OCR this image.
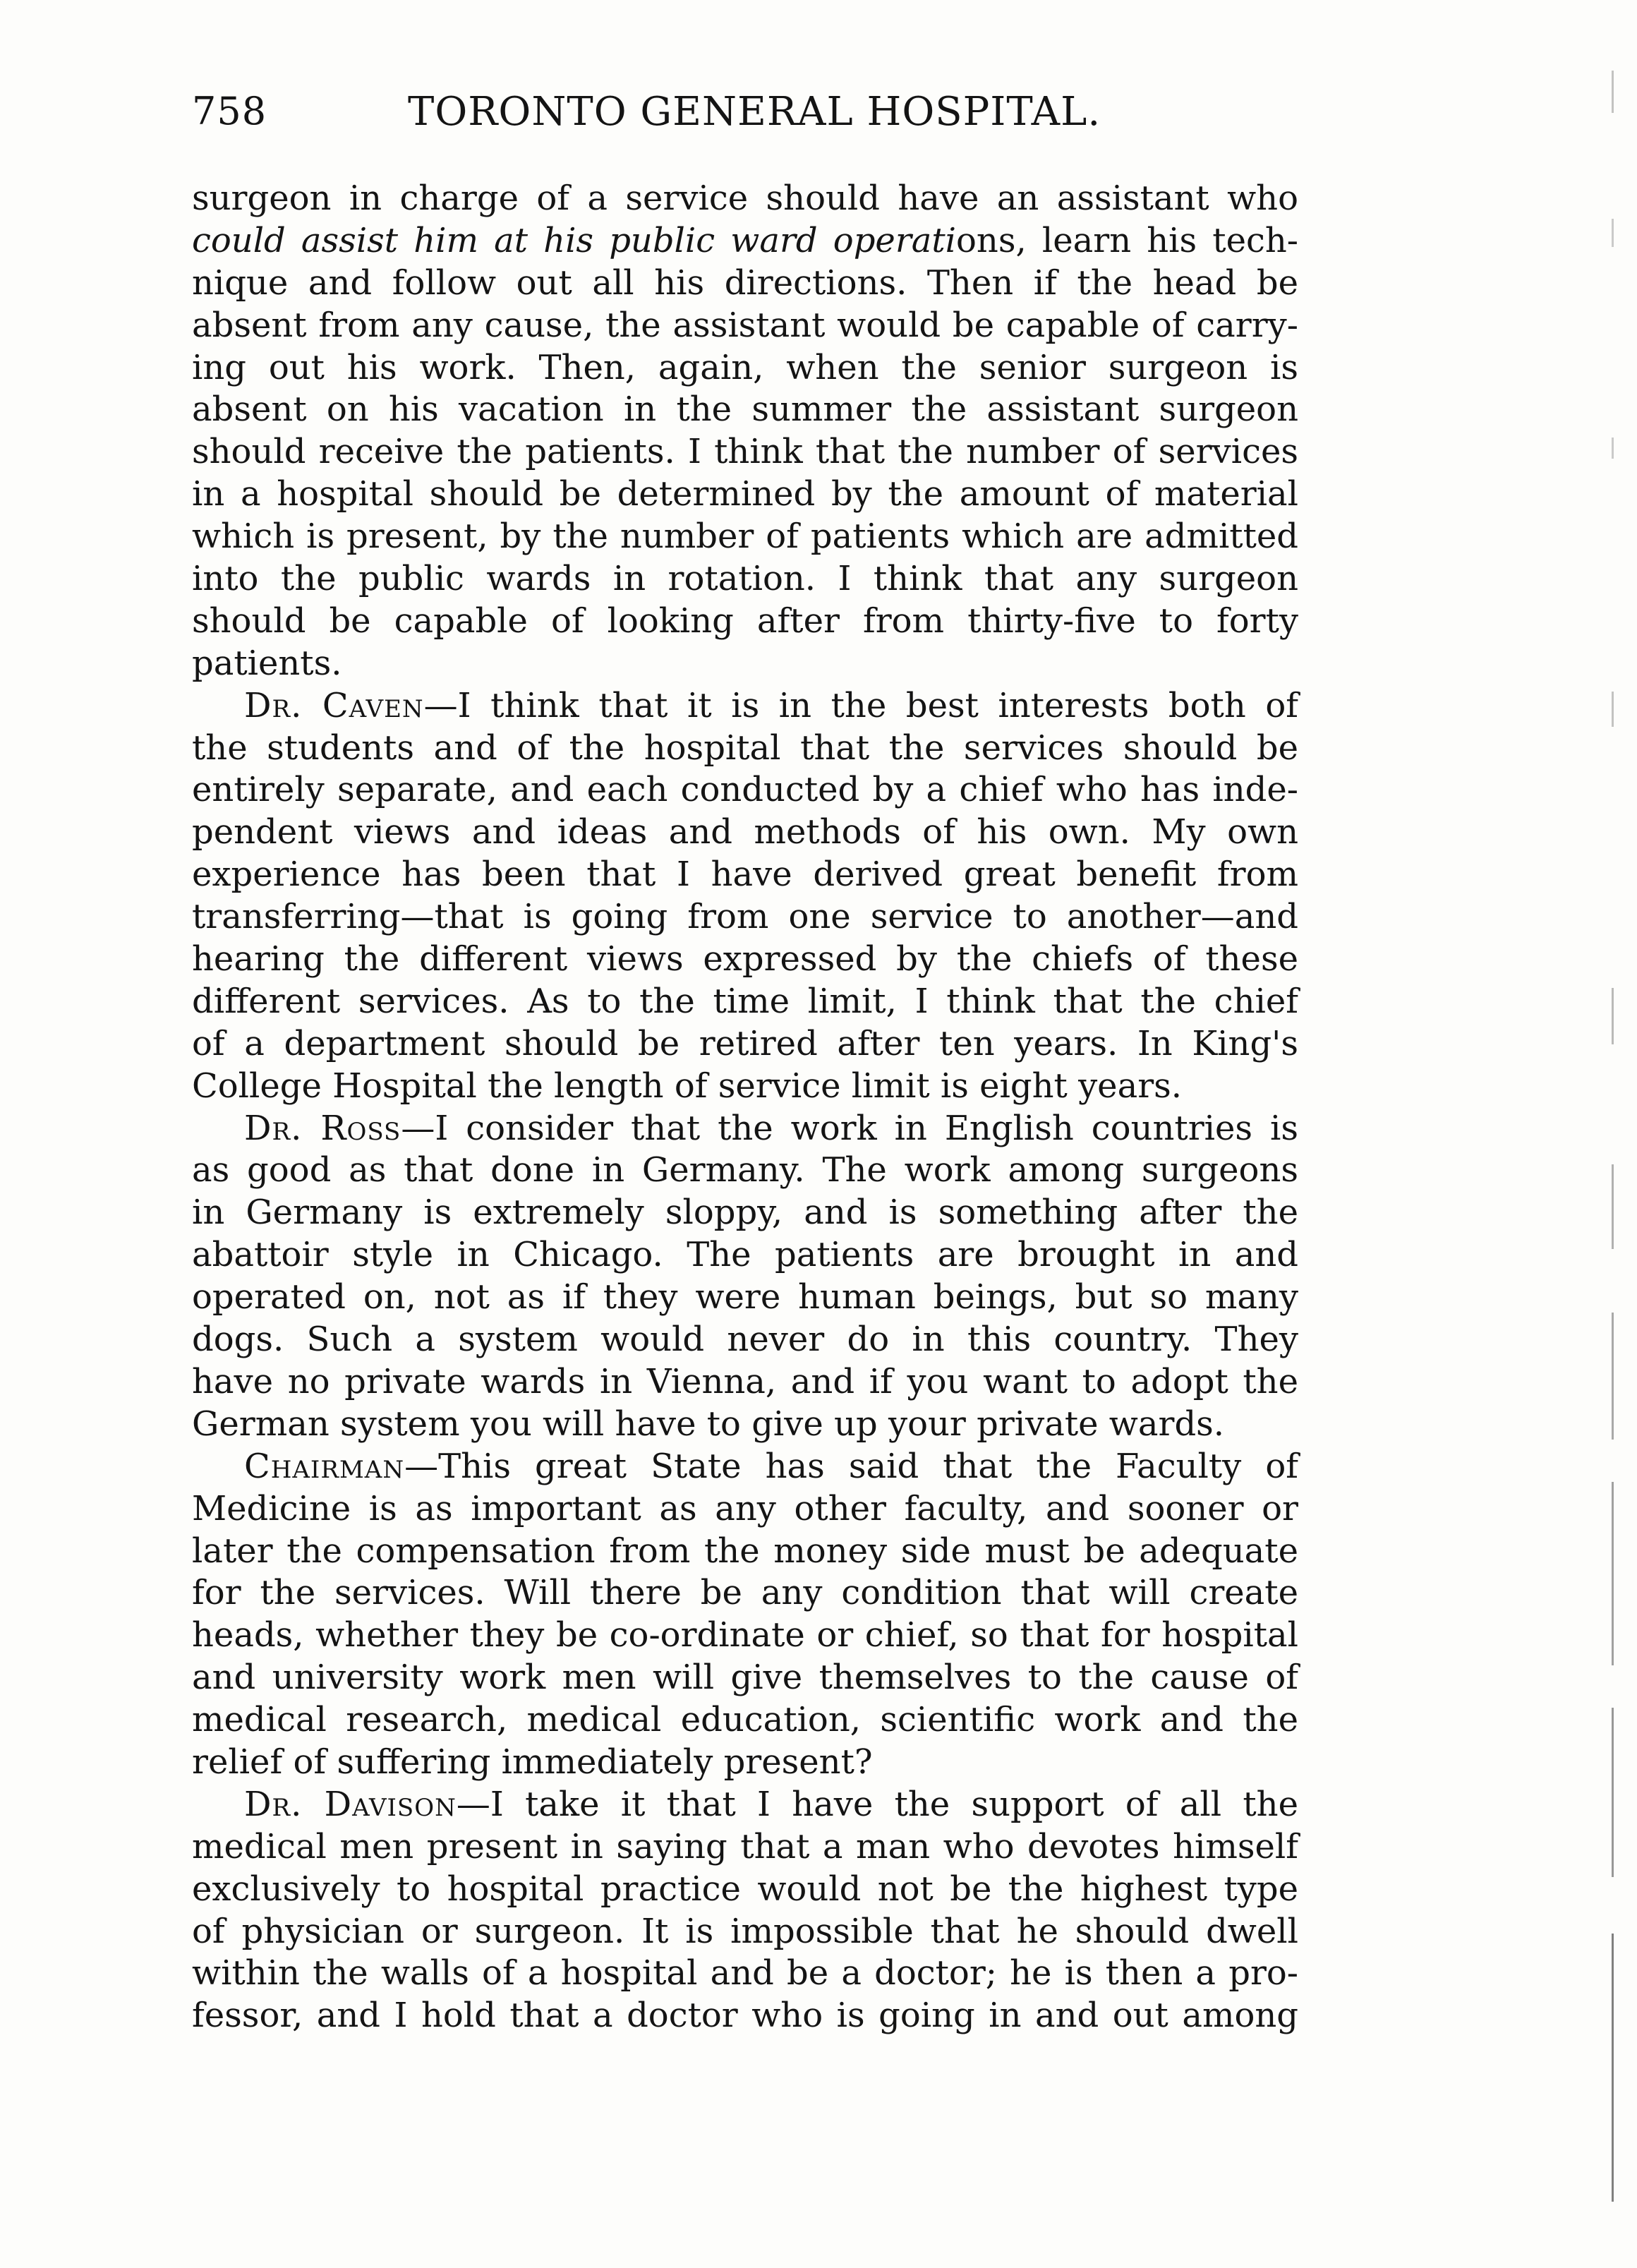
758	TORONTO GENERAL HOSPITAL.
surgeon in charge of a service should have an assistant who
could assist him at his public ward operations, learn his tech-
nique and follow out all his directions. Then if the head be
absent from any cause, the assistant would be capable of carry-
ing out his work. Then, again, when the senior surgeon is
absent on his vacation in the summer the assistant surgeon
should receive the patients. I think that the number of services
in a hospital should be determined by the amount of material
which is present, by the number of patients which are admitted
into the public wards in rotation. I think that any surgeon
should be capable of looking after from thirty-five to forty
patients.
Dr. Caven—I think that it is in the best interests both of
the students and of the hospital that the services should be
entirely separate, and each conducted by a chief who has inde-
pendent views and ideas and methods of his own. My own
experience has been that I have derived great benefit from
transferring—that is going from one service to another—and
hearing the different views expressed by the chiefs of these
different services. As to the time limit, I think that the chief
of a department should be retired after ten years. In King's
College Hospital the length of service limit is eight years.
Dr. Ross—I consider that the work in English countries is
as good as that done in Germany. The work among surgeons
in Germany is extremely sloppy, and is something after the
abattoir style in Chicago. The patients are brought in and
operated on, not as if they were human beings, but so many
dogs. Such a system would never do in this country. They
have no private wards in Vienna, and if you want to adopt the
German system you will have to give up your private wards.
Chairman—This great State has said that the Faculty of
Medicine is as important as any other faculty, and sooner or
later the compensation from the money side must be adequate
for the services. Will there be any condition that will create
heads, whether they be co-ordinate or chief, so that for hospital
and university work men will give themselves to the cause of
medical research, medical education, scientific work and the
relief of suffering immediately present?
Dr. Davison—I take it that I have the support of all the
medical men present in saying that a man who devotes himself
exclusively to hospital practice would not be the highest type
of physician or surgeon. It is impossible that he should dwell
within the walls of a hospital and be a doctor; he is then a pro-
fessor, and I hold that a doctor who is going in and out among
